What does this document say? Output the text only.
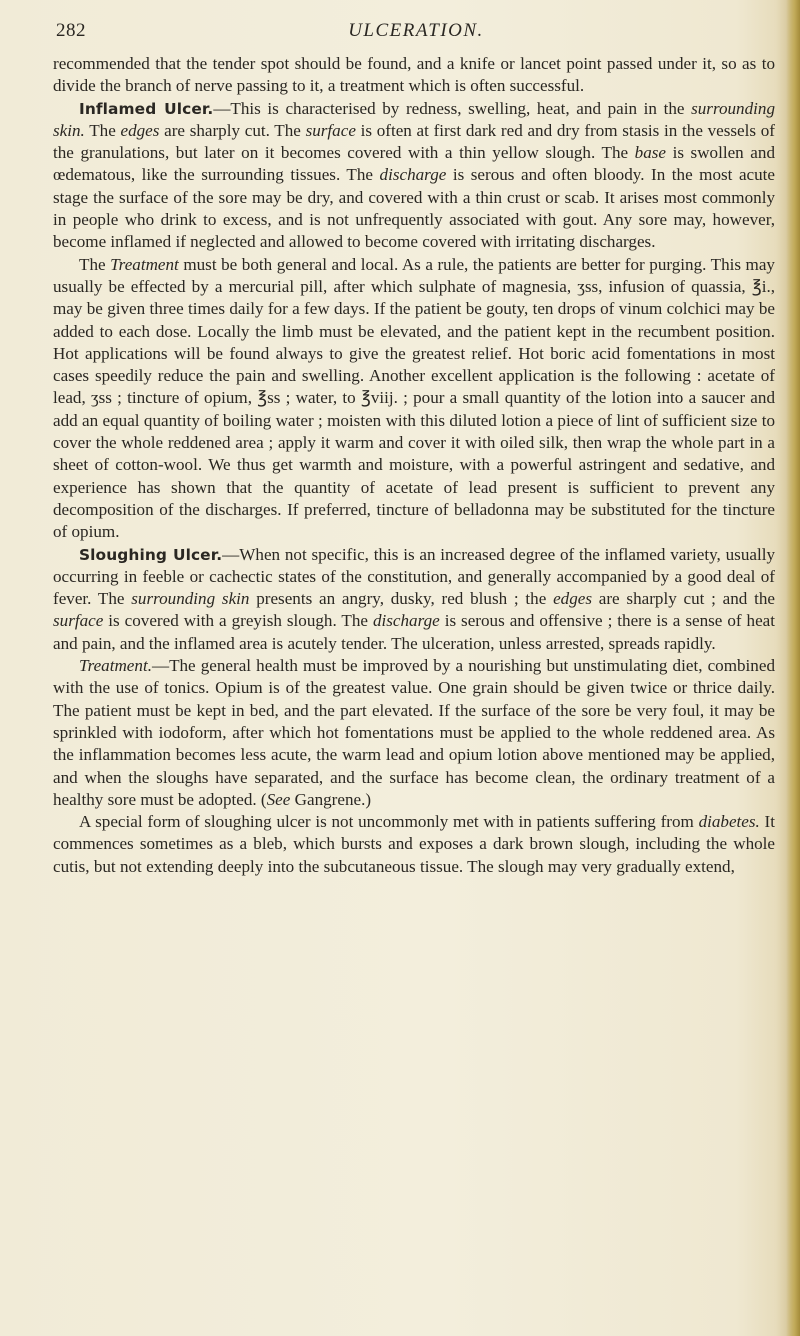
282	ULCERATION.

recommended that the tender spot should be found, and a knife or lancet point passed under it, so as to divide the branch of nerve passing to it, a treatment which is often successful.

Inflamed Ulcer.—This is characterised by redness, swelling, heat, and pain in the surrounding skin. The edges are sharply cut. The surface is often at first dark red and dry from stasis in the vessels of the granulations, but later on it becomes covered with a thin yellow slough. The base is swollen and œdematous, like the surrounding tissues. The discharge is serous and often bloody. In the most acute stage the surface of the sore may be dry, and covered with a thin crust or scab. It arises most commonly in people who drink to excess, and is not unfrequently associated with gout. Any sore may, however, become inflamed if neglected and allowed to become covered with irritating discharges.

The Treatment must be both general and local. As a rule, the patients are better for purging. This may usually be effected by a mercurial pill, after which sulphate of magnesia, ʒss, infusion of quassia, ℥i., may be given three times daily for a few days. If the patient be gouty, ten drops of vinum colchici may be added to each dose. Locally the limb must be elevated, and the patient kept in the recumbent position. Hot applications will be found always to give the greatest relief. Hot boric acid fomentations in most cases speedily reduce the pain and swelling. Another excellent application is the following : acetate of lead, ʒss ; tincture of opium, ℥ss ; water, to ℥viij. ; pour a small quantity of the lotion into a saucer and add an equal quantity of boiling water ; moisten with this diluted lotion a piece of lint of sufficient size to cover the whole reddened area ; apply it warm and cover it with oiled silk, then wrap the whole part in a sheet of cotton-wool. We thus get warmth and moisture, with a powerful astringent and sedative, and experience has shown that the quantity of acetate of lead present is sufficient to prevent any decomposition of the discharges. If preferred, tincture of belladonna may be substituted for the tincture of opium.

Sloughing Ulcer.—When not specific, this is an increased degree of the inflamed variety, usually occurring in feeble or cachectic states of the constitution, and generally accompanied by a good deal of fever. The surrounding skin presents an angry, dusky, red blush ; the edges are sharply cut ; and the surface is covered with a greyish slough. The discharge is serous and offensive ; there is a sense of heat and pain, and the inflamed area is acutely tender. The ulceration, unless arrested, spreads rapidly.

Treatment.—The general health must be improved by a nourishing but unstimulating diet, combined with the use of tonics. Opium is of the greatest value. One grain should be given twice or thrice daily. The patient must be kept in bed, and the part elevated. If the surface of the sore be very foul, it may be sprinkled with iodoform, after which hot fomentations must be applied to the whole reddened area. As the inflammation becomes less acute, the warm lead and opium lotion above mentioned may be applied, and when the sloughs have separated, and the surface has become clean, the ordinary treatment of a healthy sore must be adopted. (See Gangrene.)

A special form of sloughing ulcer is not uncommonly met with in patients suffering from diabetes. It commences sometimes as a bleb, which bursts and exposes a dark brown slough, including the whole cutis, but not extending deeply into the subcutaneous tissue. The slough may very gradually extend,
